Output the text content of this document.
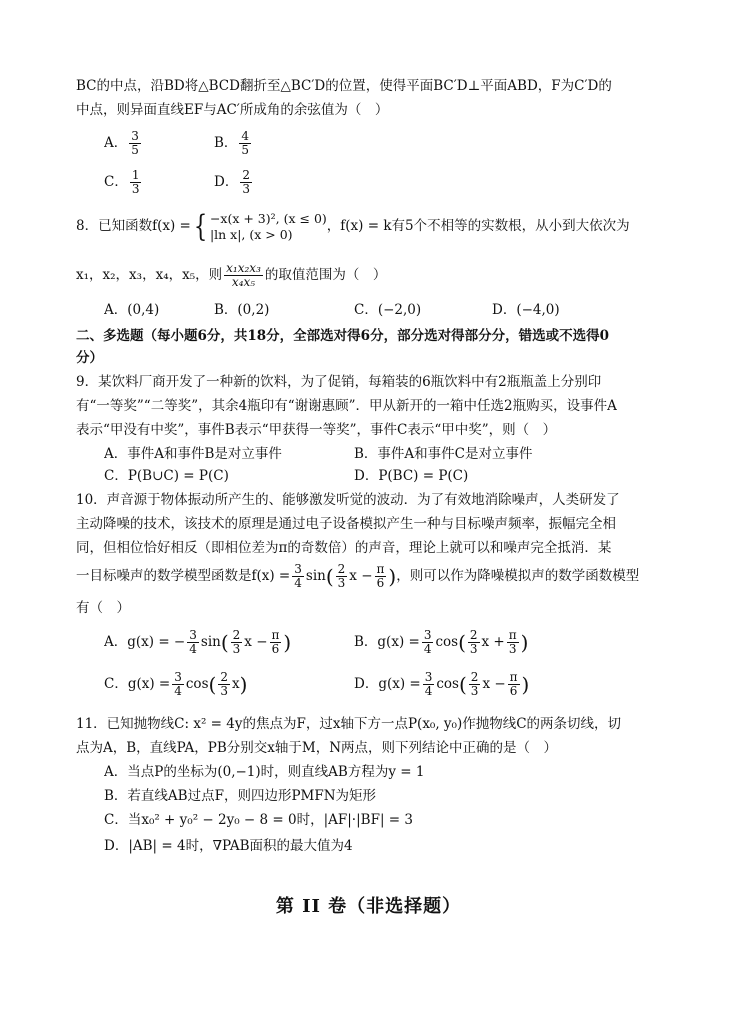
BC的中点，沿BD将△BCD翻折至△BC′D的位置，使得平面BC′D⊥平面ABD，F为C′D的
中点，则异面直线EF与AC′所成角的余弦值为（　）
A． $\frac{3}{5}$	B． $\frac{4}{5}$
C． $\frac{1}{3}$	D． $\frac{2}{3}$
8．已知函数f(x) ={ −x(x + 3)², (x ≤ 0)
|ln x|, (x > 0)	，f(x) = k有5个不相等的实数根，从小到大依次为
x₁，x₂，x₃，x₄，x₅，则 $\frac{\text{x₁x₂x₃}}{\text{x₄x₅}}$ 的取值范围为（　）
A．(0,4)	B．(0,2)	C．(−2,0)	D．(−4,0)
二、多选题（每小题6分，共18分，全部选对得6分，部分选对得部分分，错选或不选得0
分）
9．某饮料厂商开发了一种新的饮料，为了促销，每箱装的6瓶饮料中有2瓶瓶盖上分别印
有“一等奖”“二等奖”，其余4瓶印有“谢谢惠顾”．甲从新开的一箱中任选2瓶购买，设事件A
表示“甲没有中奖”，事件B表示“甲获得一等奖”，事件C表示“甲中奖”，则（　）
A．事件A和事件B是对立事件	B．事件A和事件C是对立事件
C．P(B∪C) = P(C)	D．P(BC) = P(C)
10．声音源于物体振动所产生的、能够激发听觉的波动．为了有效地消除噪声，人类研发了
主动降噪的技术，该技术的原理是通过电子设备模拟产生一种与目标噪声频率，振幅完全相
同，但相位恰好相反（即相位差为π的奇数倍）的声音，理论上就可以和噪声完全抵消．某
一目标噪声的数学模型函数是$f(x) = \frac{3}{4} \sin( \frac{2}{3}$ $x - \frac{\pi}{6}$ )，则可以作为降噪模拟声的数学函数模型
有（　）
A．g(x) = − $\frac{3}{4} \sin( \frac{2}{3}$ $x - \frac{\pi}{6}$ )	B．$g(x) = \frac{3}{4} \cos( \frac{2}{3}$ $x + \frac{\pi}{3}$ )
C．$g(x) = \frac{3}{4} \cos( \frac{2}{3} x)$	D．$g(x) = \frac{3}{4} \cos( \frac{2}{3}$ $x - \frac{\pi}{6}$ )
11．已知抛物线C: x² = 4y的焦点为F，过x轴下方一点P(x₀, y₀)作抛物线C的两条切线，切
点为A，B，直线PA，PB分别交x轴于M，N两点，则下列结论中正确的是（　）
A．当点P的坐标为(0,−1)时，则直线AB方程为y = 1
B．若直线AB过点F，则四边形PMFN为矩形
C．当x₀² + y₀² − 2y₀ − 8 = 0时，|AF|·|BF| = 3
D．|AB| = 4时，∇PAB面积的最大值为4
第 II 卷（非选择题）
